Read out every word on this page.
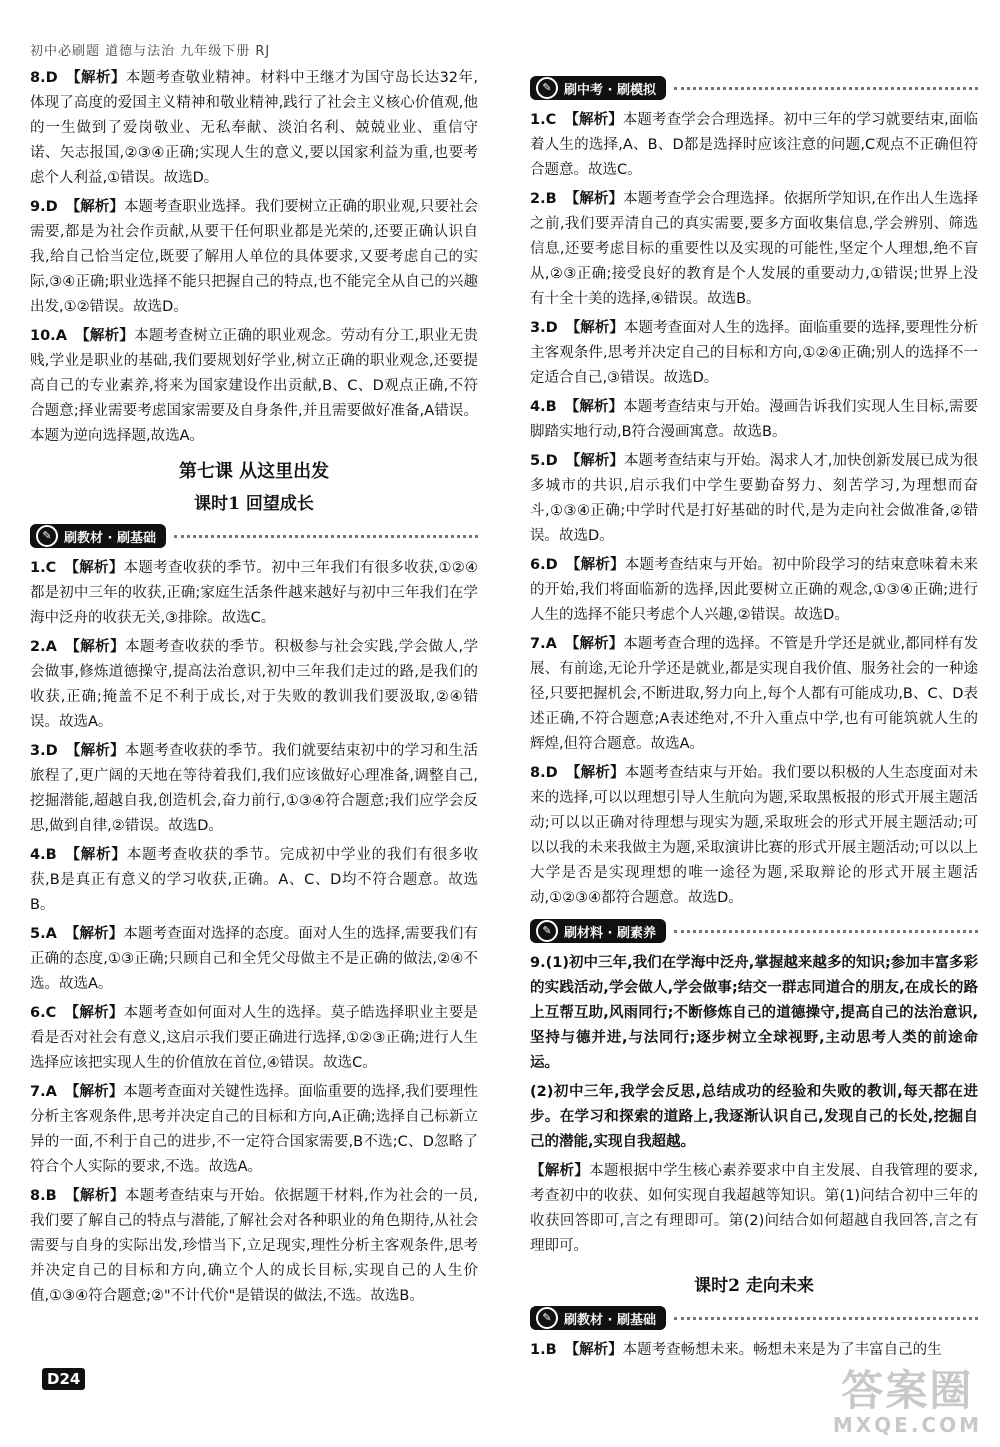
初中必刷题 道德与法治 九年级下册 RJ
8.D 【解析】本题考查敬业精神。材料中王继才为国守岛长达32年,体现了高度的爱国主义精神和敬业精神,践行了社会主义核心价值观,他的一生做到了爱岗敬业、无私奉献、淡泊名利、兢兢业业、重信守诺、矢志报国,②③④正确;实现人生的意义,要以国家利益为重,也要考虑个人利益,①错误。故选D。
9.D 【解析】本题考查职业选择。我们要树立正确的职业观,只要社会需要,都是为社会作贡献,从要干任何职业都是光荣的,还要正确认识自我,给自己恰当定位,既要了解用人单位的具体要求,又要考虑自己的实际,③④正确;职业选择不能只把握自己的特点,也不能完全从自己的兴趣出发,①②错误。故选D。
10.A 【解析】本题考查树立正确的职业观念。劳动有分工,职业无贵贱,学业是职业的基础,我们要规划好学业,树立正确的职业观念,还要提高自己的专业素养,将来为国家建设作出贡献,B、C、D观点正确,不符合题意;择业需要考虑国家需要及自身条件,并且需要做好准备,A错误。本题为逆向选择题,故选A。
第七课 从这里出发
课时1 回望成长
✎ 刷教材 · 刷基础
1.C 【解析】本题考查收获的季节。初中三年我们有很多收获,①②④都是初中三年的收获,正确;家庭生活条件越来越好与初中三年我们在学海中泛舟的收获无关,③排除。故选C。
2.A 【解析】本题考查收获的季节。积极参与社会实践,学会做人,学会做事,修炼道德操守,提高法治意识,初中三年我们走过的路,是我们的收获,正确;掩盖不足不利于成长,对于失败的教训我们要汲取,②④错误。故选A。
3.D 【解析】本题考查收获的季节。我们就要结束初中的学习和生活旅程了,更广阔的天地在等待着我们,我们应该做好心理准备,调整自己,挖掘潜能,超越自我,创造机会,奋力前行,①③④符合题意;我们应学会反思,做到自律,②错误。故选D。
4.B 【解析】本题考查收获的季节。完成初中学业的我们有很多收获,B是真正有意义的学习收获,正确。A、C、D均不符合题意。故选B。
5.A 【解析】本题考查面对选择的态度。面对人生的选择,需要我们有正确的态度,①③正确;只顾自己和全凭父母做主不是正确的做法,②④不选。故选A。
6.C 【解析】本题考查如何面对人生的选择。莫子皓选择职业主要是看是否对社会有意义,这启示我们要正确进行选择,①②③正确;进行人生选择应该把实现人生的价值放在首位,④错误。故选C。
7.A 【解析】本题考查面对关键性选择。面临重要的选择,我们要理性分析主客观条件,思考并决定自己的目标和方向,A正确;选择自己标新立异的一面,不利于自己的进步,不一定符合国家需要,B不选;C、D忽略了符合个人实际的要求,不选。故选A。
8.B 【解析】本题考查结束与开始。依据题干材料,作为社会的一员,我们要了解自己的特点与潜能,了解社会对各种职业的角色期待,从社会需要与自身的实际出发,珍惜当下,立足现实,理性分析主客观条件,思考并决定自己的目标和方向,确立个人的成长目标,实现自己的人生价值,①③④符合题意;②"不计代价"是错误的做法,不选。故选B。
✎ 刷中考 · 刷模拟
1.C 【解析】本题考查学会合理选择。初中三年的学习就要结束,面临着人生的选择,A、B、D都是选择时应该注意的问题,C观点不正确但符合题意。故选C。
2.B 【解析】本题考查学会合理选择。依据所学知识,在作出人生选择之前,我们要弄清自己的真实需要,要多方面收集信息,学会辨别、筛选信息,还要考虑目标的重要性以及实现的可能性,坚定个人理想,绝不盲从,②③正确;接受良好的教育是个人发展的重要动力,①错误;世界上没有十全十美的选择,④错误。故选B。
3.D 【解析】本题考查面对人生的选择。面临重要的选择,要理性分析主客观条件,思考并决定自己的目标和方向,①②④正确;别人的选择不一定适合自己,③错误。故选D。
4.B 【解析】本题考查结束与开始。漫画告诉我们实现人生目标,需要脚踏实地行动,B符合漫画寓意。故选B。
5.D 【解析】本题考查结束与开始。渴求人才,加快创新发展已成为很多城市的共识,启示我们中学生要勤奋努力、刻苦学习,为理想而奋斗,①③④正确;中学时代是打好基础的时代,是为走向社会做准备,②错误。故选D。
6.D 【解析】本题考查结束与开始。初中阶段学习的结束意味着未来的开始,我们将面临新的选择,因此要树立正确的观念,①③④正确;进行人生的选择不能只考虑个人兴趣,②错误。故选D。
7.A 【解析】本题考查合理的选择。不管是升学还是就业,都同样有发展、有前途,无论升学还是就业,都是实现自我价值、服务社会的一种途径,只要把握机会,不断进取,努力向上,每个人都有可能成功,B、C、D表述正确,不符合题意;A表述绝对,不升入重点中学,也有可能筑就人生的辉煌,但符合题意。故选A。
8.D 【解析】本题考查结束与开始。我们要以积极的人生态度面对未来的选择,可以以理想引导人生航向为题,采取黑板报的形式开展主题活动;可以以正确对待理想与现实为题,采取班会的形式开展主题活动;可以以我的未来我做主为题,采取演讲比赛的形式开展主题活动;可以以上大学是否是实现理想的唯一途径为题,采取辩论的形式开展主题活动,①②③④都符合题意。故选D。
✎ 刷材料 · 刷素养
9.(1)初中三年,我们在学海中泛舟,掌握越来越多的知识;参加丰富多彩的实践活动,学会做人,学会做事;结交一群志同道合的朋友,在成长的路上互帮互助,风雨同行;不断修炼自己的道德操守,提高自己的法治意识,坚持与德并进,与法同行;逐步树立全球视野,主动思考人类的前途命运。
(2)初中三年,我学会反思,总结成功的经验和失败的教训,每天都在进步。在学习和探索的道路上,我逐渐认识自己,发现自己的长处,挖掘自己的潜能,实现自我超越。
【解析】本题根据中学生核心素养要求中自主发展、自我管理的要求,考查初中的收获、如何实现自我超越等知识。第(1)问结合初中三年的收获回答即可,言之有理即可。第(2)问结合如何超越自我回答,言之有理即可。
课时2 走向未来
✎ 刷教材 · 刷基础
1.B 【解析】本题考查畅想未来。畅想未来是为了丰富自己的生
D24	答案圈
MXQE.COM
